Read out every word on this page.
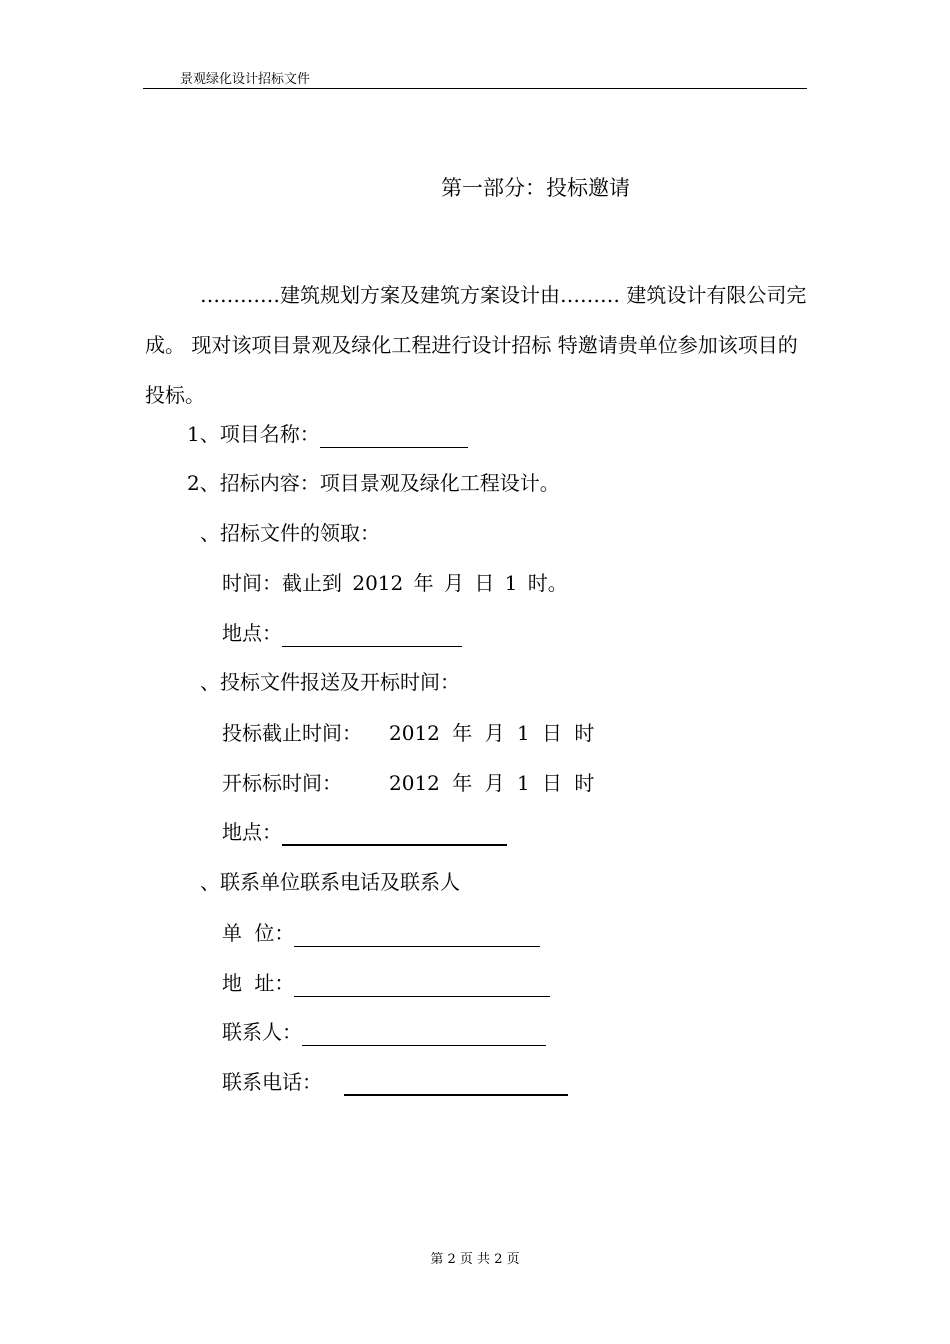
景观绿化设计招标文件
第一部分：投标邀请
…………建筑规划方案及建筑方案设计由……… 建筑设计有限公司完成。 现对该项目景观及绿化工程进行设计招标 特邀请贵单位参加该项目的投标。
1、项目名称：
2、招标内容：项目景观及绿化工程设计。
、招标文件的领取：
时间：截止到 2012 年 月 日 1 时。
地点：
、投标文件报送及开标时间：
投标截止时间： 2012 年 月 1 日 时
开标标时间： 2012 年 月 1 日 时
地点：
、联系单位联系电话及联系人
单 位：
地 址：
联系人：
联系电话：
第 2 页 共 2 页
